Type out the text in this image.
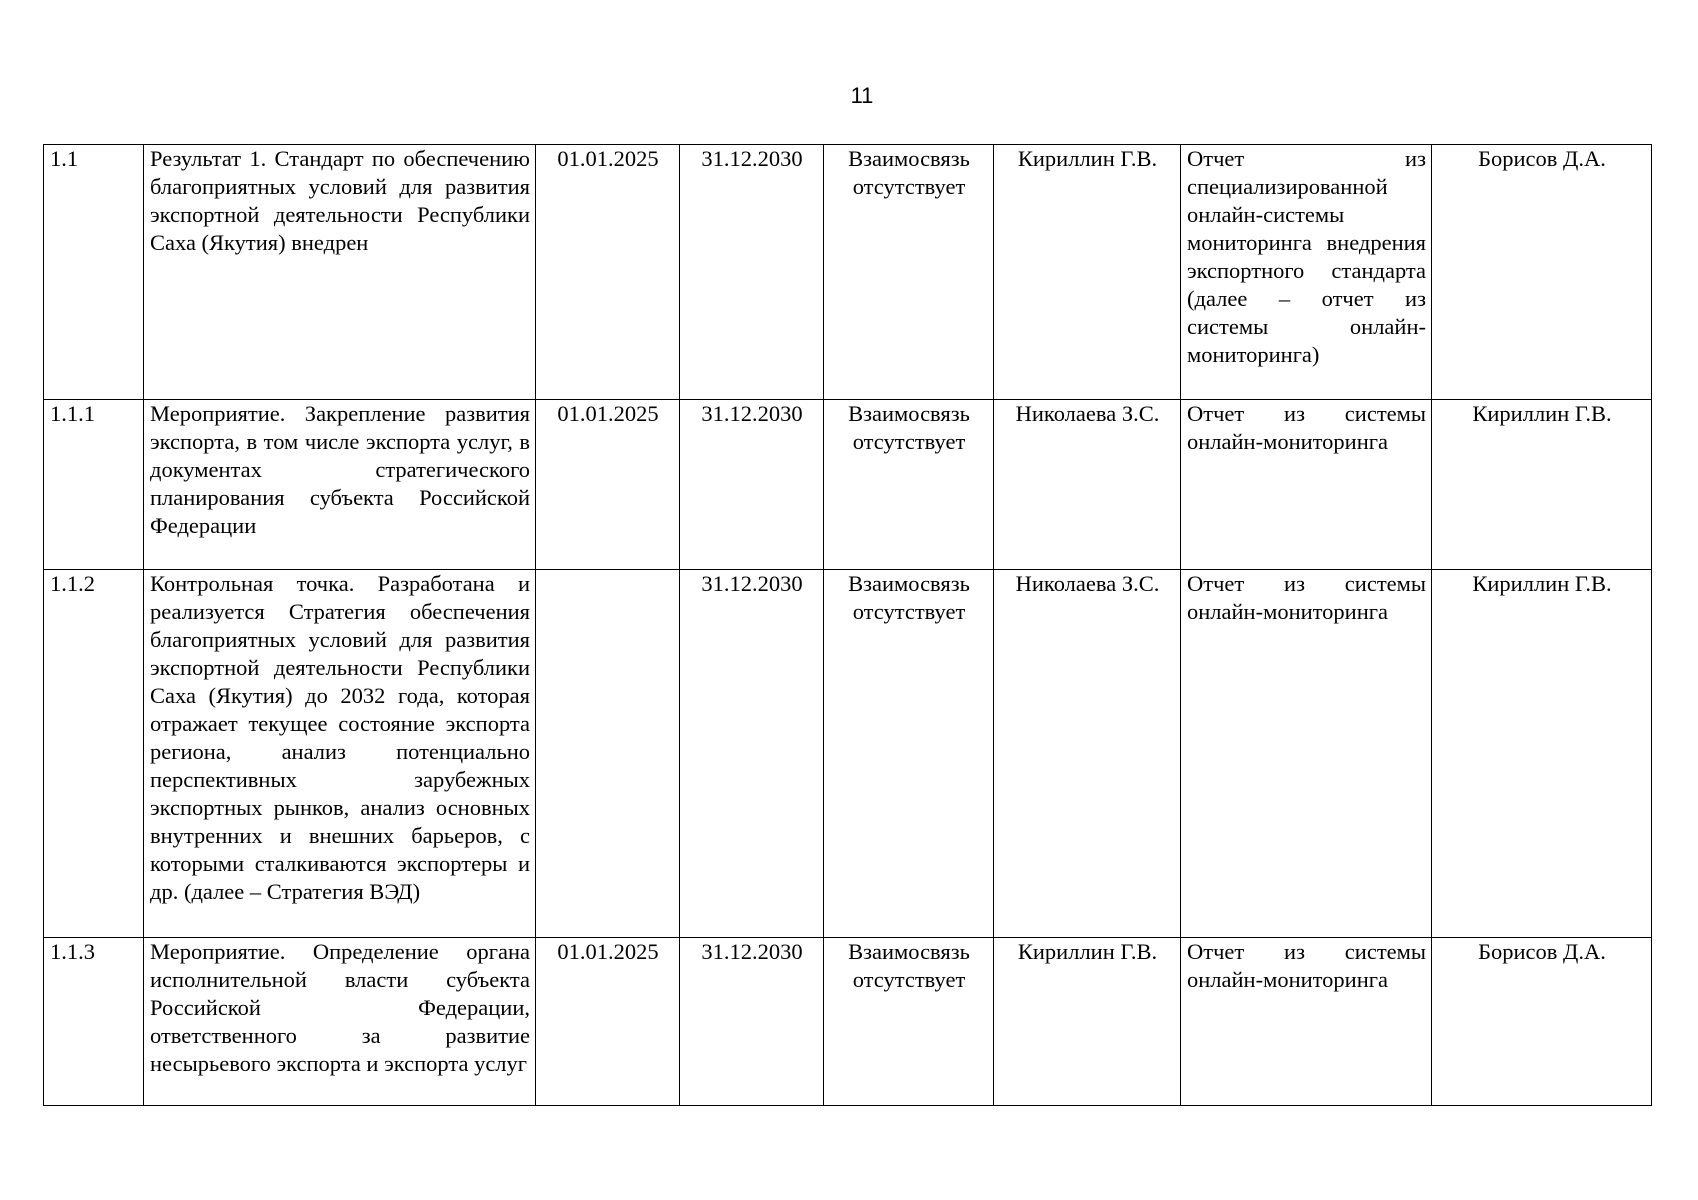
11
1.1	Результат 1. Стандарт по обеспечению благоприятных условий для развития экспортной деятельности Республики Саха (Якутия) внедрен	01.01.2025	31.12.2030	Взаимосвязь отсутствует	Кириллин Г.В.	Отчет из специализированной онлайн-системы мониторинга внедрения экспортного стандарта (далее – отчет из системы онлайн-мониторинга)	Борисов Д.А.
1.1.1	Мероприятие. Закрепление развития экспорта, в том числе экспорта услуг, в документах стратегического планирования субъекта Российской Федерации	01.01.2025	31.12.2030	Взаимосвязь отсутствует	Николаева З.С.	Отчет из системы онлайн-мониторинга	Кириллин Г.В.
1.1.2	Контрольная точка. Разработана и реализуется Стратегия обеспечения благоприятных условий для развития экспортной деятельности Республики Саха (Якутия) до 2032 года, которая отражает текущее состояние экспорта региона, анализ потенциально перспективных зарубежных экспортных рынков, анализ основных внутренних и внешних барьеров, с которыми сталкиваются экспортеры и др. (далее – Стратегия ВЭД)		31.12.2030	Взаимосвязь отсутствует	Николаева З.С.	Отчет из системы онлайн-мониторинга	Кириллин Г.В.
1.1.3	Мероприятие. Определение органа исполнительной власти субъекта Российской Федерации, ответственного за развитие несырьевого экспорта и экспорта услуг	01.01.2025	31.12.2030	Взаимосвязь отсутствует	Кириллин Г.В.	Отчет из системы онлайн-мониторинга	Борисов Д.А.
